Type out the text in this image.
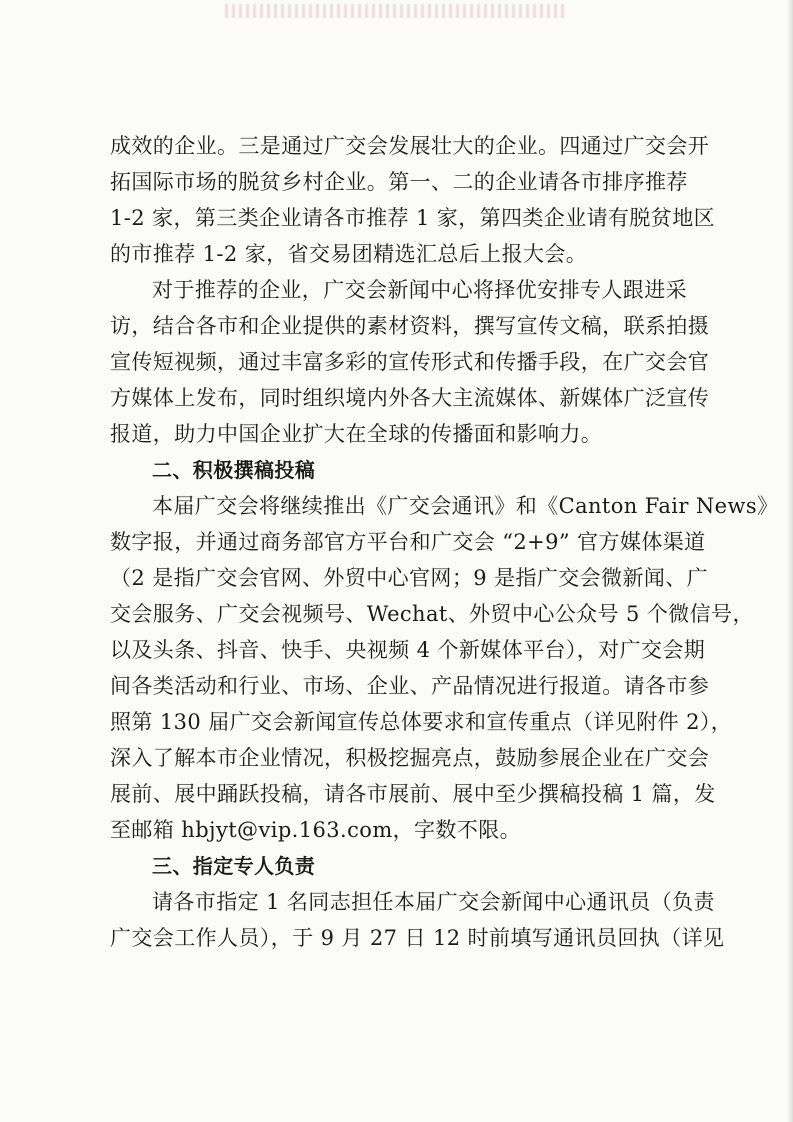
成效的企业。三是通过广交会发展壮大的企业。四通过广交会开
拓国际市场的脱贫乡村企业。第一、二的企业请各市排序推荐
1-2 家，第三类企业请各市推荐 1 家，第四类企业请有脱贫地区
的市推荐 1-2 家，省交易团精选汇总后上报大会。
对于推荐的企业，广交会新闻中心将择优安排专人跟进采
访，结合各市和企业提供的素材资料，撰写宣传文稿，联系拍摄
宣传短视频，通过丰富多彩的宣传形式和传播手段，在广交会官
方媒体上发布，同时组织境内外各大主流媒体、新媒体广泛宣传
报道，助力中国企业扩大在全球的传播面和影响力。
二、积极撰稿投稿
本届广交会将继续推出《广交会通讯》和《Canton Fair News》
数字报，并通过商务部官方平台和广交会 “2+9” 官方媒体渠道
（2 是指广交会官网、外贸中心官网；9 是指广交会微新闻、广
交会服务、广交会视频号、Wechat、外贸中心公众号 5 个微信号，
以及头条、抖音、快手、央视频 4 个新媒体平台），对广交会期
间各类活动和行业、市场、企业、产品情况进行报道。请各市参
照第 130 届广交会新闻宣传总体要求和宣传重点（详见附件 2），
深入了解本市企业情况，积极挖掘亮点，鼓励参展企业在广交会
展前、展中踊跃投稿，请各市展前、展中至少撰稿投稿 1 篇，发
至邮箱 hbjyt@vip.163.com，字数不限。
三、指定专人负责
请各市指定 1 名同志担任本届广交会新闻中心通讯员（负责
广交会工作人员），于 9 月 27 日 12 时前填写通讯员回执（详见
